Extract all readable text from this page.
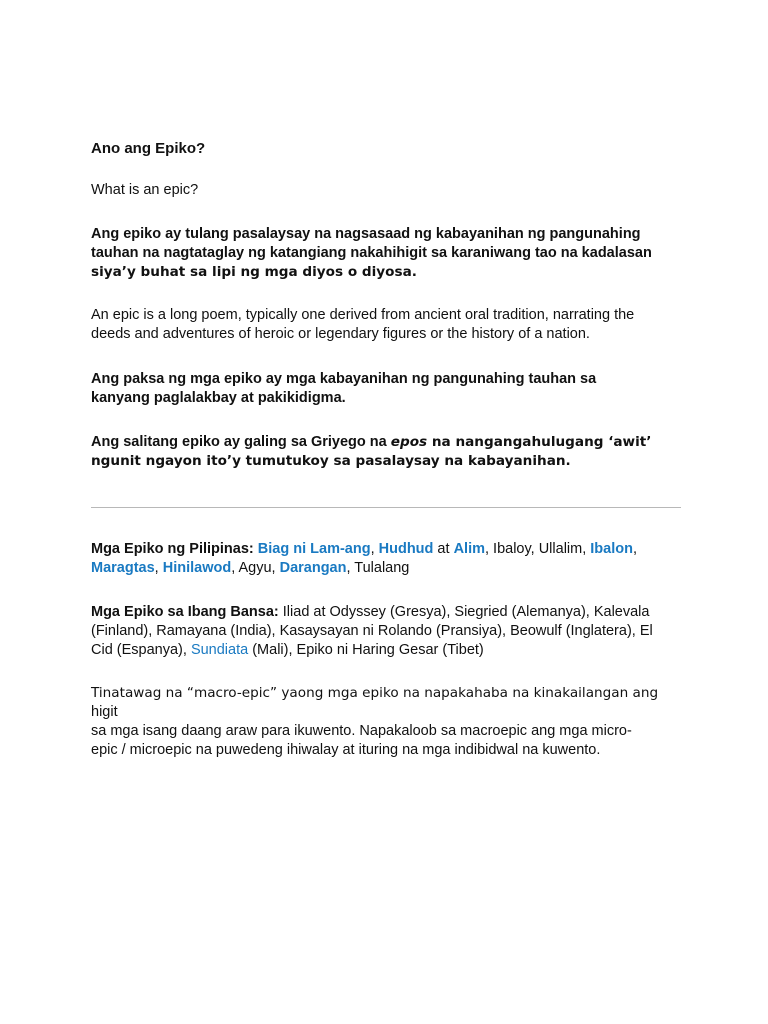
Ano ang Epiko?

What is an epic?

Ang epiko ay tulang pasalaysay na nagsasaad ng kabayanihan ng pangunahing
tauhan na nagtataglay ng katangiang nakahihigit sa karaniwang tao na kadalasan
siya’y buhat sa lipi ng mga diyos o diyosa.

An epic is a long poem, typically one derived from ancient oral tradition, narrating the
deeds and adventures of heroic or legendary figures or the history of a nation.

Ang paksa ng mga epiko ay mga kabayanihan ng pangunahing tauhan sa
kanyang paglalakbay at pakikidigma.

Ang salitang epiko ay galing sa Griyego na epos na nangangahulugang ‘awit’
ngunit ngayon ito’y tumutukoy sa pasalaysay na kabayanihan.

Mga Epiko ng Pilipinas: Biag ni Lam-ang, Hudhud at Alim, Ibaloy, Ullalim, Ibalon,
Maragtas, Hinilawod, Agyu, Darangan, Tulalang

Mga Epiko sa Ibang Bansa: Iliad at Odyssey (Gresya), Siegried (Alemanya), Kalevala
(Finland), Ramayana (India), Kasaysayan ni Rolando (Pransiya), Beowulf (Inglatera), El
Cid (Espanya), Sundiata (Mali), Epiko ni Haring Gesar (Tibet)

Tinatawag na “macro-epic” yaong mga epiko na napakahaba na kinakailangan ang higit
sa mga isang daang araw para ikuwento. Napakaloob sa macroepic ang mga micro-
epic / microepic na puwedeng ihiwalay at ituring na mga indibidwal na kuwento.
